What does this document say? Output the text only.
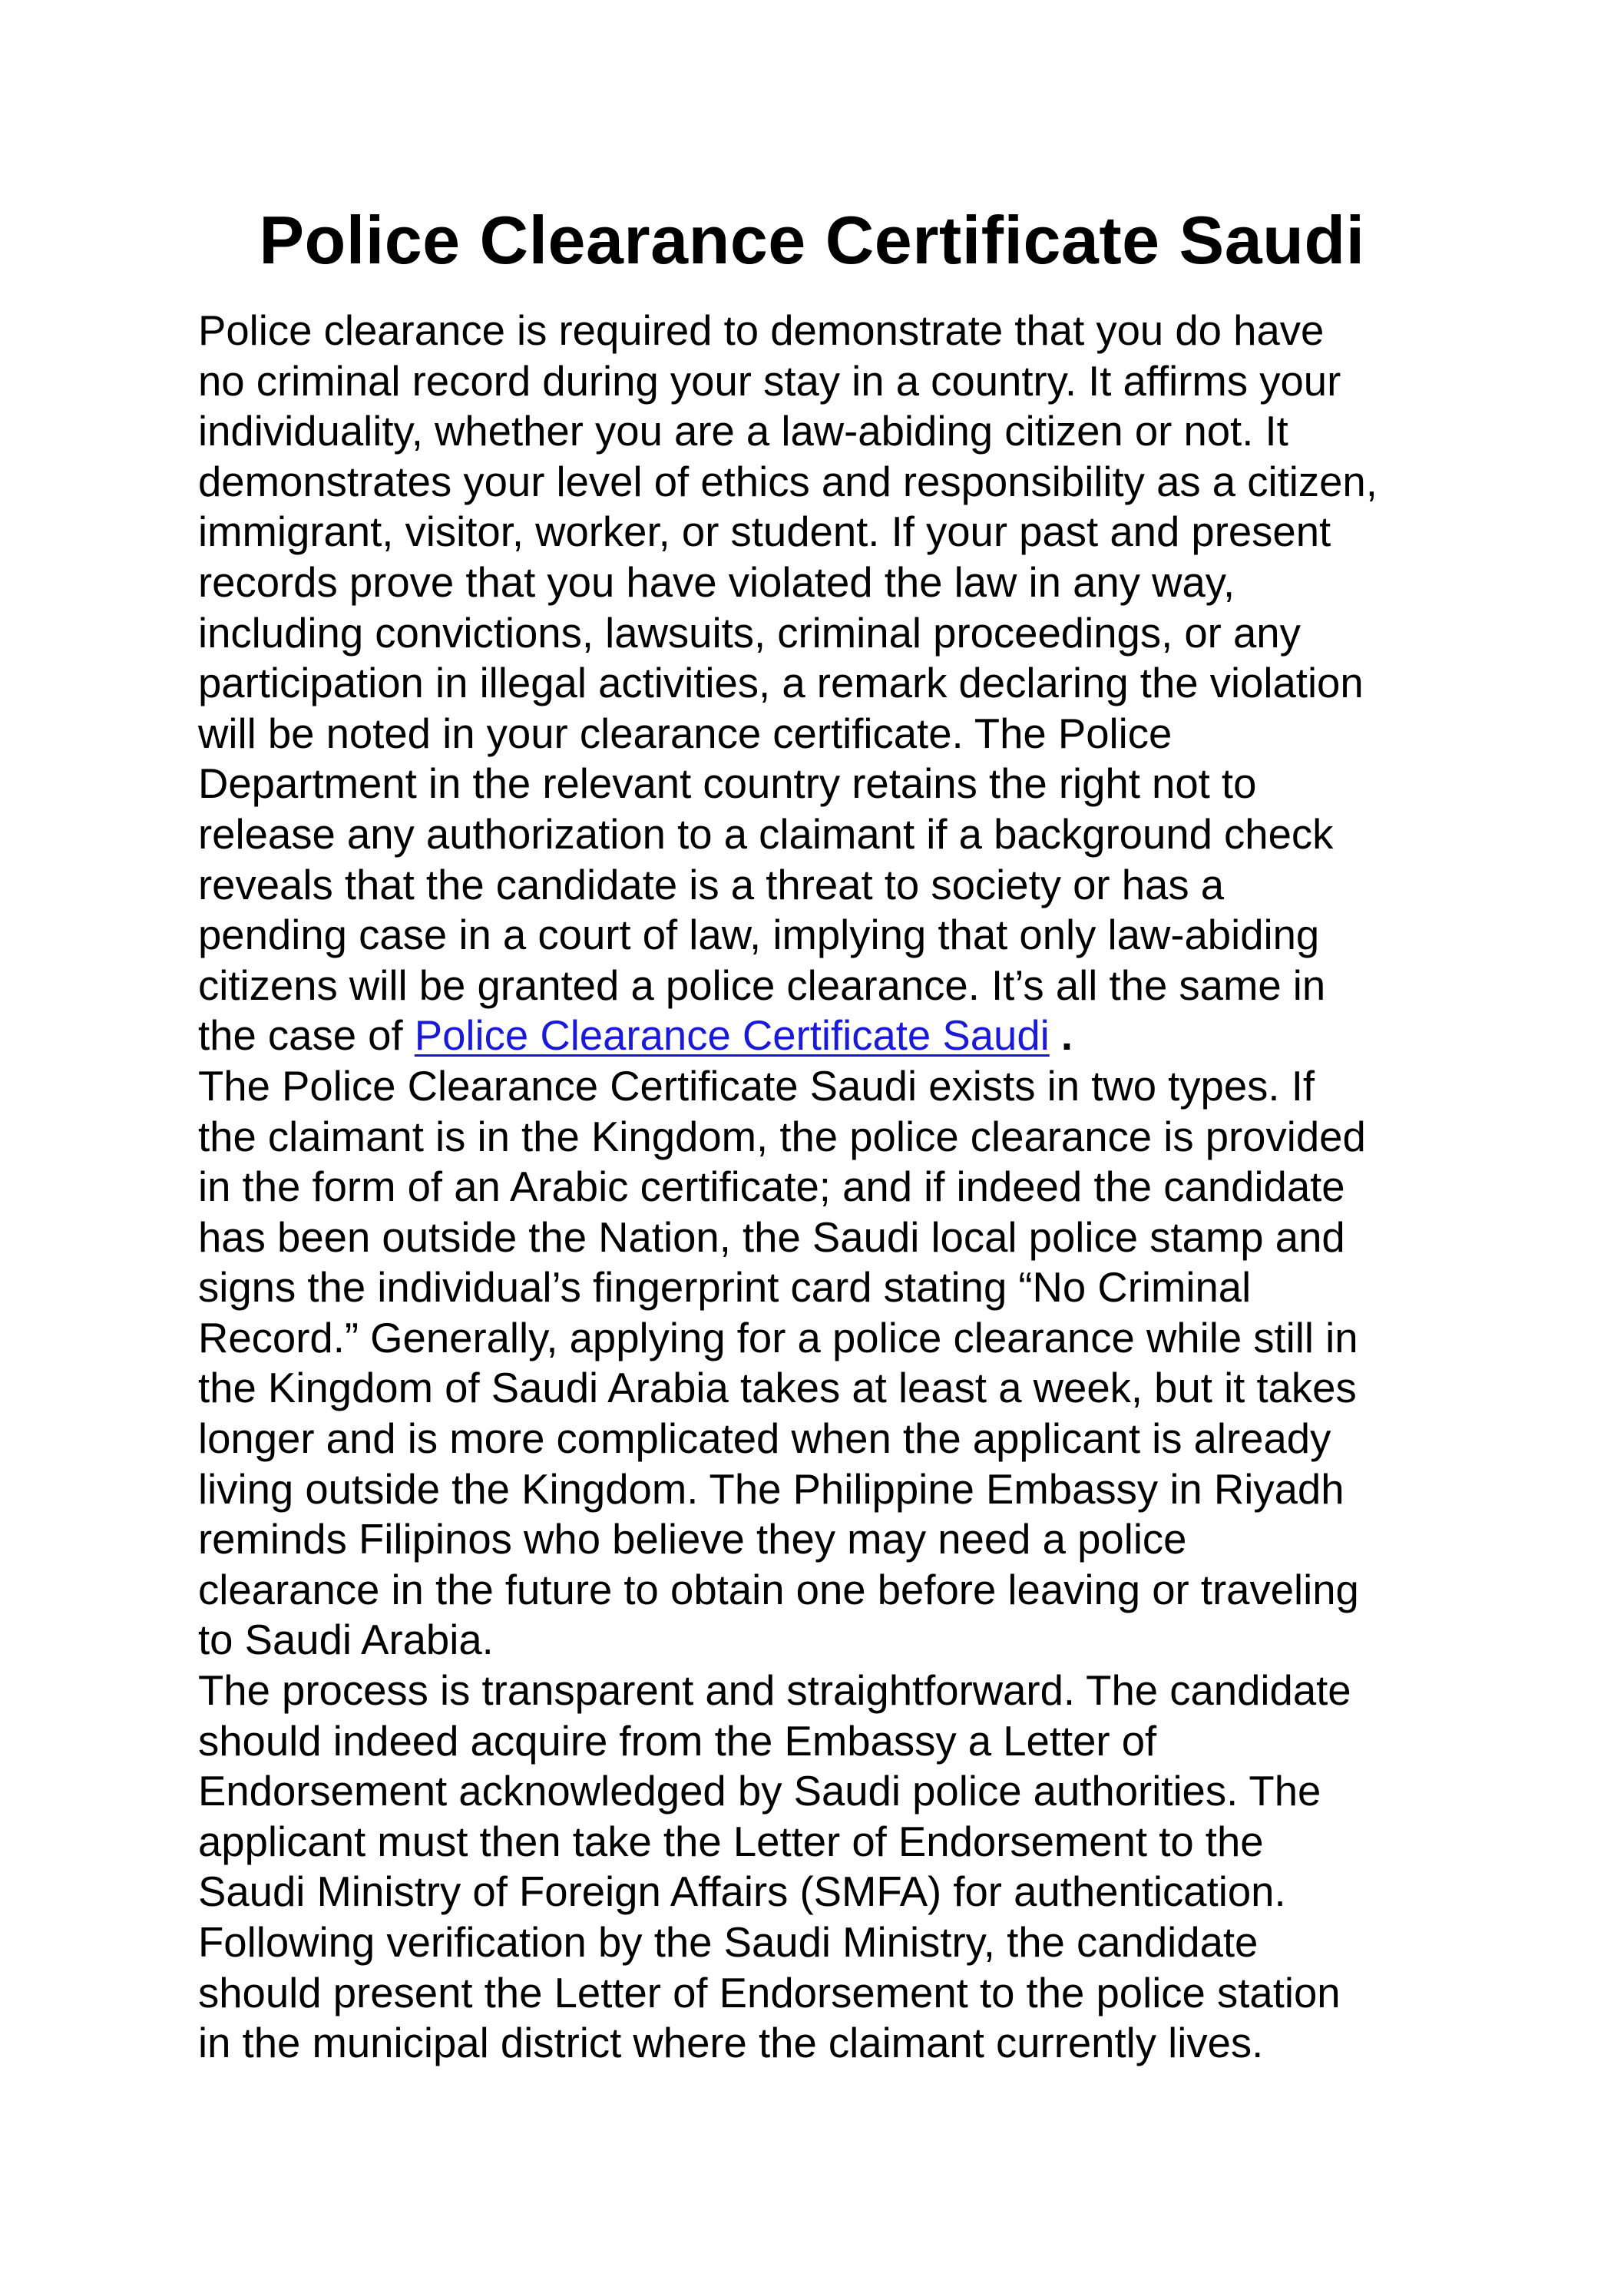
Police Clearance Certificate Saudi
Police clearance is required to demonstrate that you do have
no criminal record during your stay in a country. It affirms your
individuality, whether you are a law-abiding citizen or not. It
demonstrates your level of ethics and responsibility as a citizen,
immigrant, visitor, worker, or student. If your past and present
records prove that you have violated the law in any way,
including convictions, lawsuits, criminal proceedings, or any
participation in illegal activities, a remark declaring the violation
will be noted in your clearance certificate. The Police
Department in the relevant country retains the right not to
release any authorization to a claimant if a background check
reveals that the candidate is a threat to society or has a
pending case in a court of law, implying that only law-abiding
citizens will be granted a police clearance. It’s all the same in
the case of Police Clearance Certificate Saudi .
The Police Clearance Certificate Saudi exists in two types. If
the claimant is in the Kingdom, the police clearance is provided
in the form of an Arabic certificate; and if indeed the candidate
has been outside the Nation, the Saudi local police stamp and
signs the individual’s fingerprint card stating “No Criminal
Record.” Generally, applying for a police clearance while still in
the Kingdom of Saudi Arabia takes at least a week, but it takes
longer and is more complicated when the applicant is already
living outside the Kingdom. The Philippine Embassy in Riyadh
reminds Filipinos who believe they may need a police
clearance in the future to obtain one before leaving or traveling
to Saudi Arabia.
The process is transparent and straightforward. The candidate
should indeed acquire from the Embassy a Letter of
Endorsement acknowledged by Saudi police authorities. The
applicant must then take the Letter of Endorsement to the
Saudi Ministry of Foreign Affairs (SMFA) for authentication.
Following verification by the Saudi Ministry, the candidate
should present the Letter of Endorsement to the police station
in the municipal district where the claimant currently lives.
